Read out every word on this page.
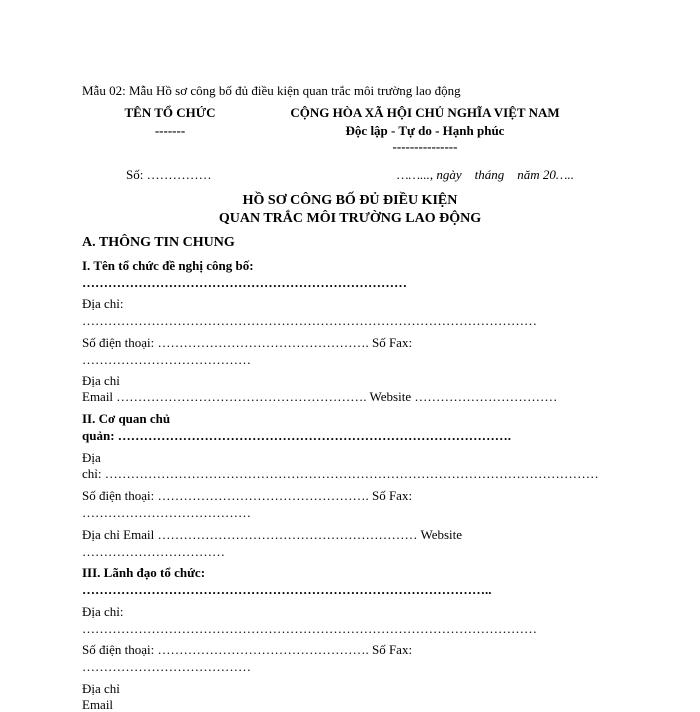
Mẫu 02: Mẫu Hồ sơ công bố đủ điều kiện quan trắc môi trường lao động
TÊN TỔ CHỨC
-------
CỘNG HÒA XÃ HỘI CHỦ NGHĨA VIỆT NAM
Độc lập - Tự do - Hạnh phúc
---------------
Số: ……………	……..., ngày    tháng    năm 20…..
HỒ SƠ CÔNG BỐ ĐỦ ĐIỀU KIỆN
QUAN TRẮC MÔI TRƯỜNG LAO ĐỘNG
A. THÔNG TIN CHUNG
I. Tên tổ chức đề nghị công bố:
…………………………………………………………………
Địa chỉ:
……………………………………………………………………………………………
Số điện thoại: …………………………………………. Số Fax:
…………………………………
Địa chỉ
Email …………………………………………………. Website ……………………………
II. Cơ quan chủ
quản: ……………………………………………………………………………….
Địa
chỉ: ……………………………………………………………………………………………………
Số điện thoại: …………………………………………. Số Fax:
…………………………………
Địa chỉ Email …………………………………………………… Website
……………………………
III. Lãnh đạo tổ chức:
…………………………………………………………………………………..
Địa chỉ:
……………………………………………………………………………………………
Số điện thoại: …………………………………………. Số Fax:
…………………………………
Địa chỉ
Email
